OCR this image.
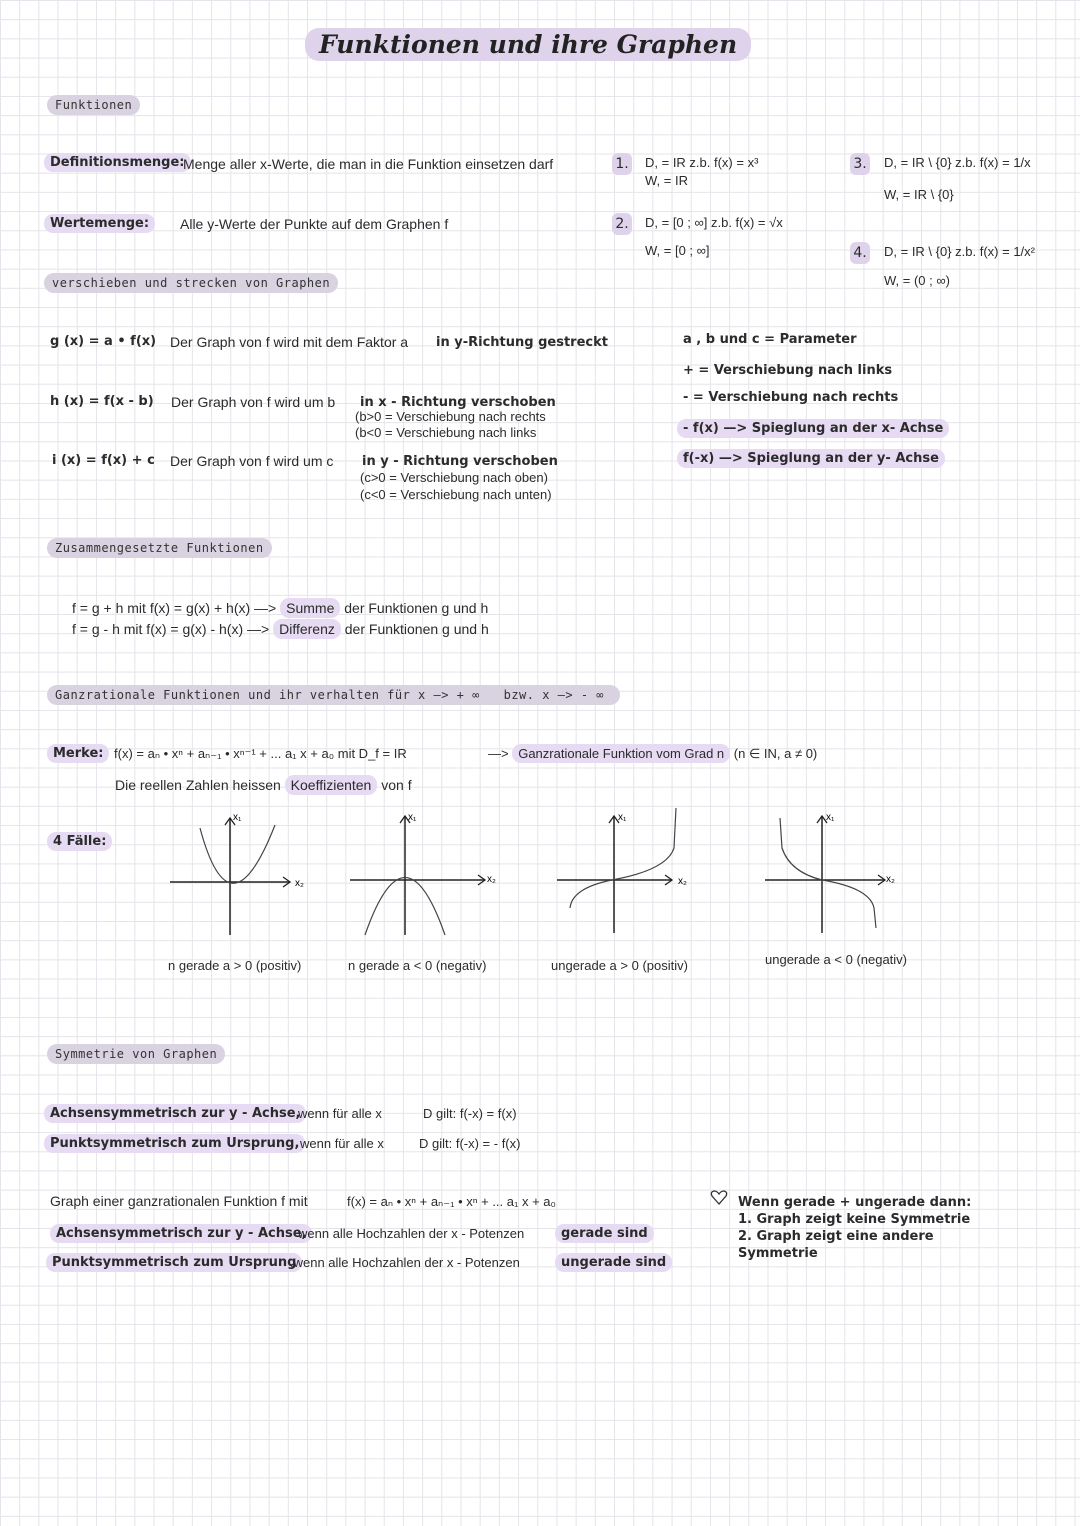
Funktionen und ihre Graphen
Funktionen
Definitionsmenge:
Menge aller x-Werte, die man in die Funktion einsetzen darf
Wertemenge:	Alle y-Werte der Punkte auf dem Graphen f
1.	D, = IR z.b. f(x) = x³
W, = IR
2.	D, = [0 ; ∞] z.b. f(x) = √x
W, = [0 ; ∞]
3.	D, = IR \ {0} z.b. f(x) = 1/x
W, = IR \ {0}
4.	D, = IR \ {0} z.b. f(x) = 1/x²
W, = (0 ; ∞)
verschieben und strecken von Graphen
g (x) = a • f(x) Der Graph von f wird mit dem Faktor a in y-Richtung gestreckt
h (x) = f(x - b) Der Graph von f wird um b in x - Richtung verschoben
(b>0 = Verschiebung nach rechts
(b<0 = Verschiebung nach links
i (x) = f(x) + c Der Graph von f wird um c in y - Richtung verschoben
(c>0 = Verschiebung nach oben)
(c<0 = Verschiebung nach unten)
a , b und c = Parameter
+ = Verschiebung nach links
- = Verschiebung nach rechts
- f(x) —> Spieglung an der x- Achse
f(-x) —> Spieglung an der y- Achse
Zusammengesetzte Funktionen
f = g + h mit f(x) = g(x) + h(x) —> Summe der Funktionen g und h
f = g - h mit f(x) = g(x) - h(x) —> Differenz der Funktionen g und h
Ganzrationale Funktionen und ihr verhalten für x —> + ∞ bzw. x —> - ∞
Merke: f(x) = aₙ • xⁿ + aₙ₋₁ • xⁿ⁻¹ + ... a₁ x + a₀ mit D_f = IR	—> Ganzrationale Funktion vom Grad n (n ∈ IN, a ≠ 0)
Die reellen Zahlen heissen Koeffizienten von f
4 Fälle:
x₂
x₁
x₂
x₁
x₂
x₁
x₂
x₁
n gerade a > 0 (positiv)	n gerade a < 0 (negativ)	ungerade a > 0 (positiv)	ungerade a < 0 (negativ)
Symmetrie von Graphen
Achsensymmetrisch zur y - Achse,
wenn für alle x	D gilt: f(-x) = f(x)
Punktsymmetrisch zum Ursprung, wenn für alle x	D gilt: f(-x) = - f(x)
Graph einer ganzrationalen Funktion f mit	f(x) = aₙ • xⁿ + aₙ₋₁ • xⁿ + ... a₁ x + a₀
Achsensymmetrisch zur y - Achse,
wenn alle Hochzahlen der x - Potenzen	gerade sind
Punktsymmetrisch zum Ursprung
,wenn alle Hochzahlen der x - Potenzen	ungerade sind
Wenn gerade + ungerade dann:
1. Graph zeigt keine Symmetrie
2. Graph zeigt eine andere
Symmetrie
